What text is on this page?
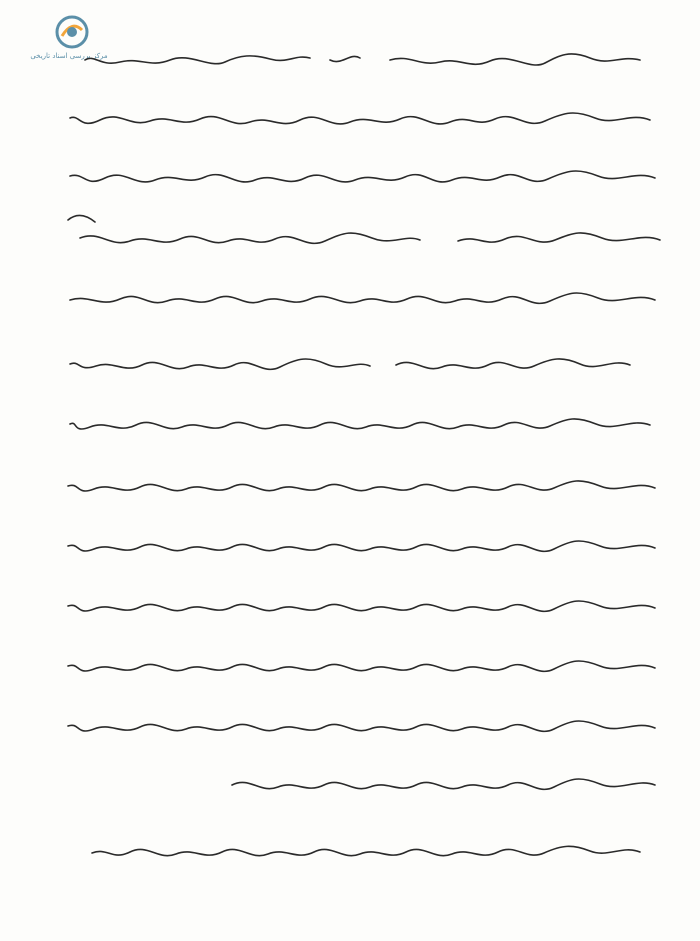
مرکز بررسی اسناد تاریخی
